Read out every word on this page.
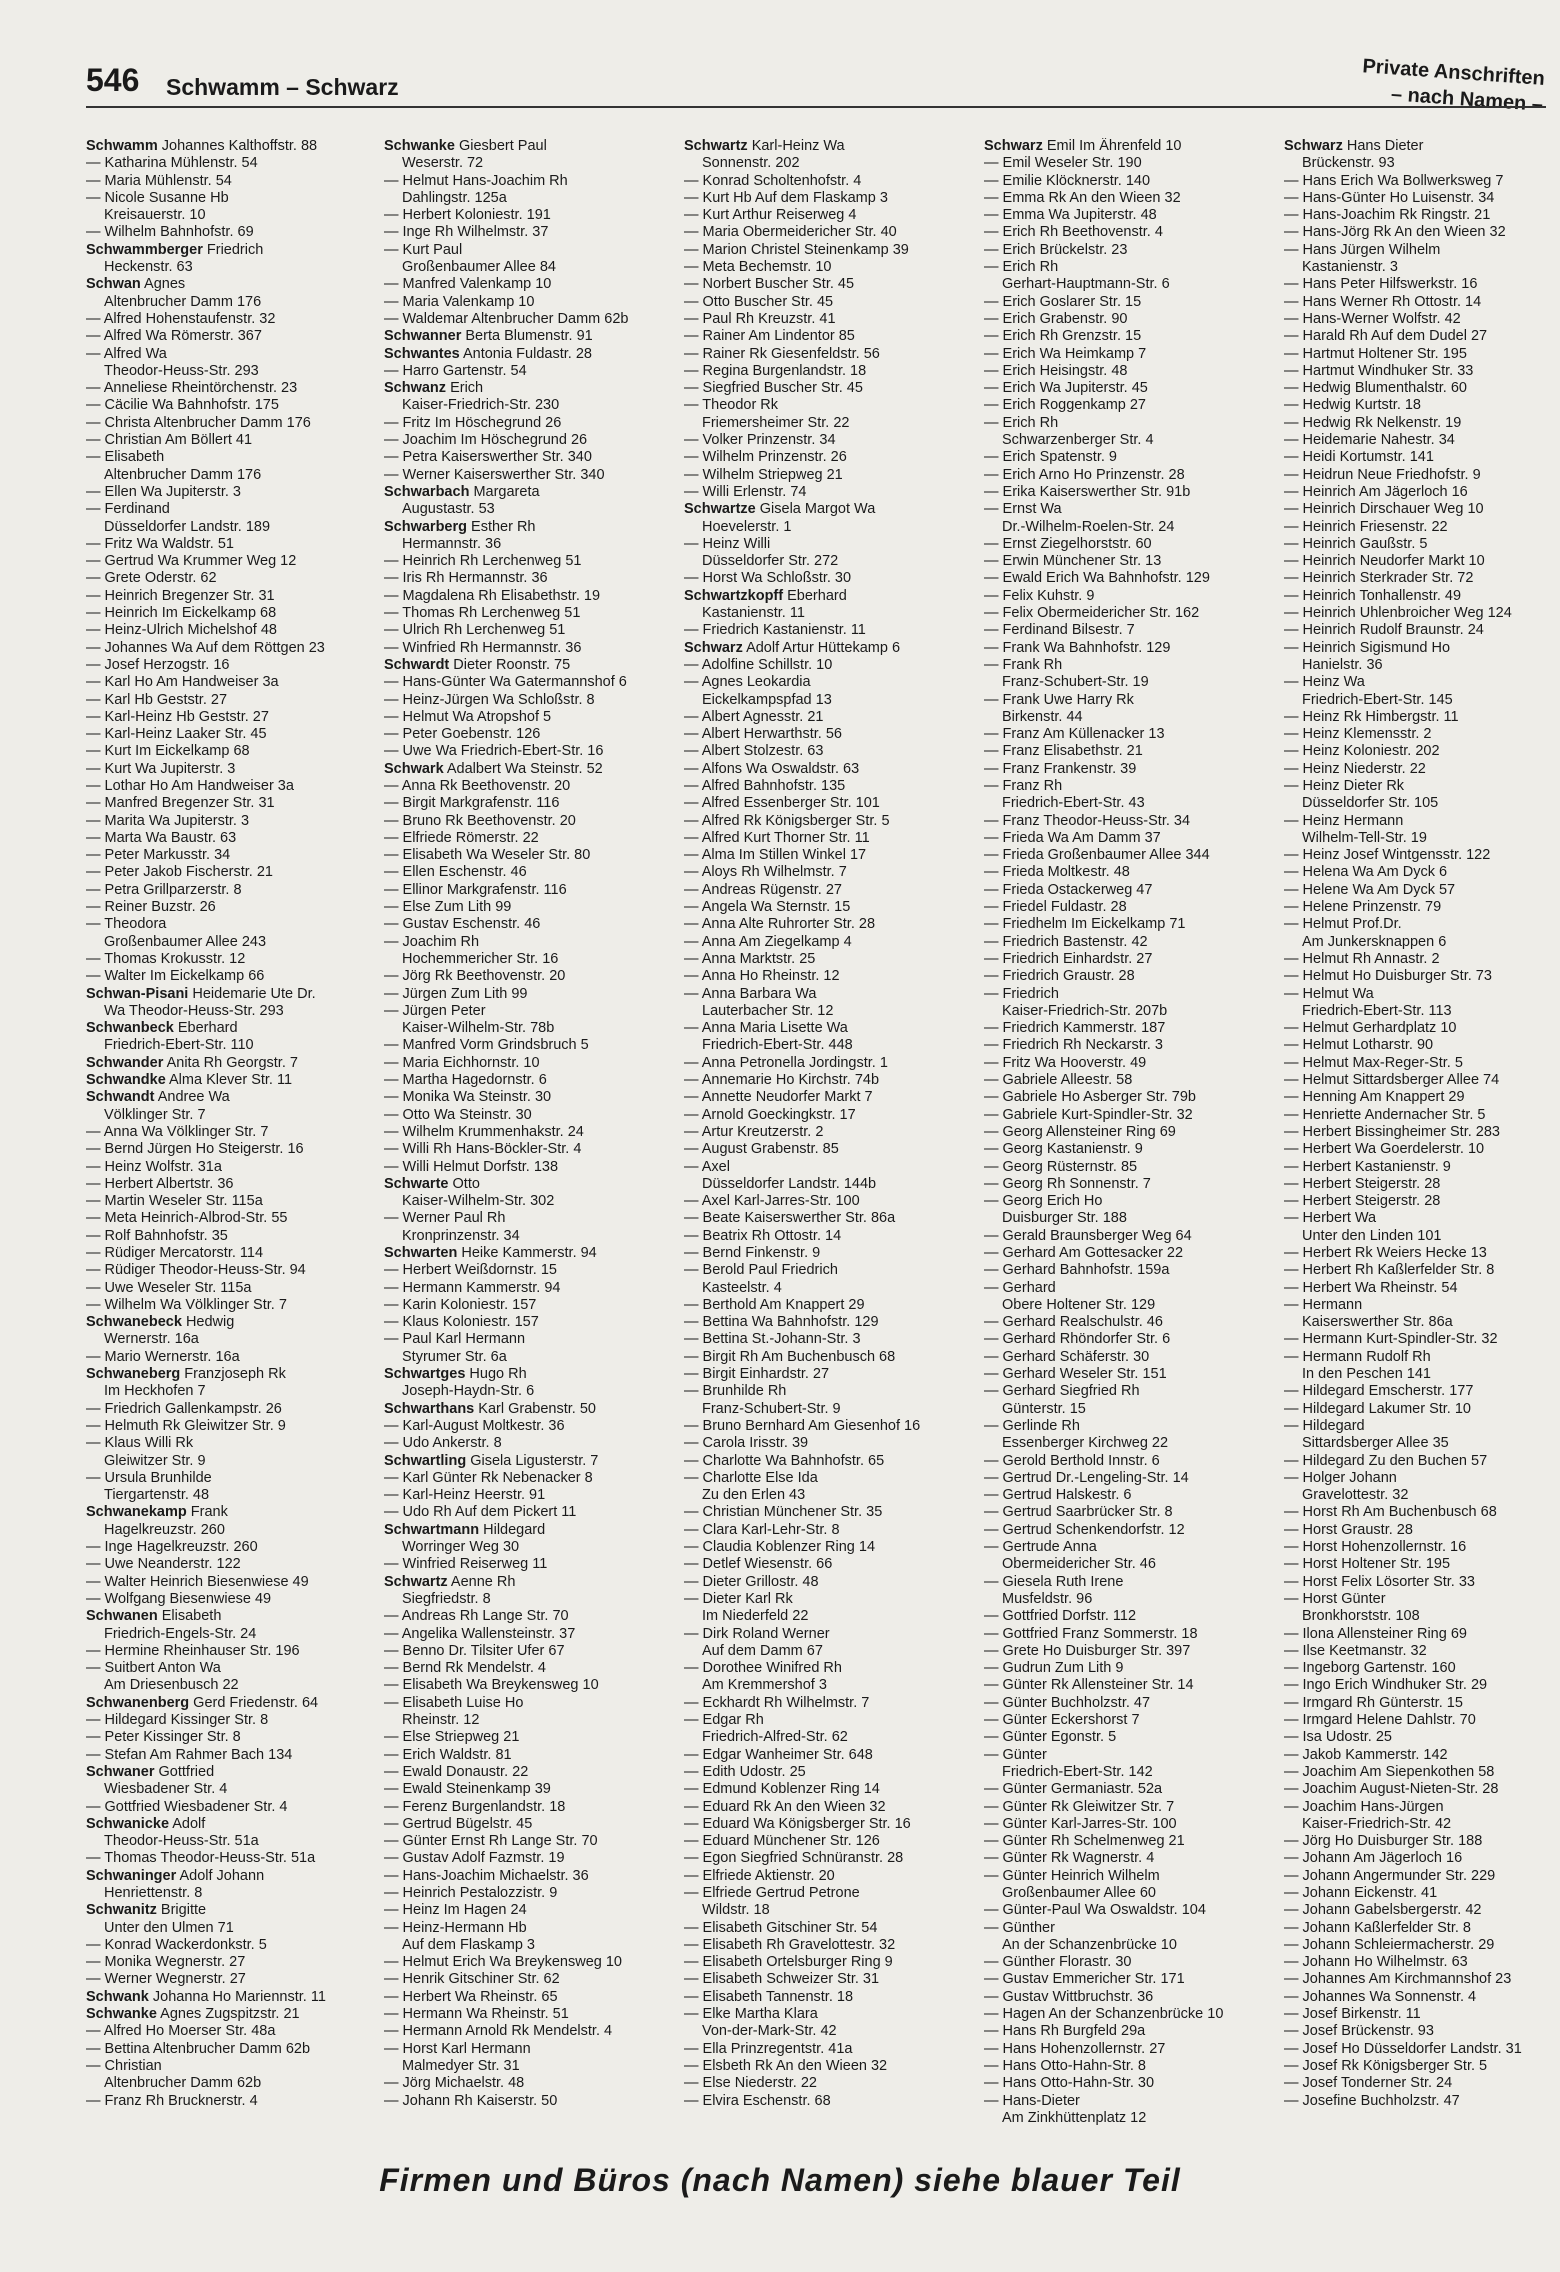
546 Schwamm – Schwarz	Private Anschriften
– nach Namen –
Schwamm Johannes Kalthoffstr. 88
— Katharina Mühlenstr. 54
— Maria Mühlenstr. 54
— Nicole Susanne Hb
Kreisauerstr. 10
— Wilhelm Bahnhofstr. 69
Schwammberger Friedrich
Heckenstr. 63
Schwan Agnes
Altenbrucher Damm 176
— Alfred Hohenstaufenstr. 32
— Alfred Wa Römerstr. 367
— Alfred Wa
Theodor-Heuss-Str. 293
— Anneliese Rheintörchenstr. 23
— Cäcilie Wa Bahnhofstr. 175
— Christa Altenbrucher Damm 176
— Christian Am Böllert 41
— Elisabeth
Altenbrucher Damm 176
— Ellen Wa Jupiterstr. 3
— Ferdinand
Düsseldorfer Landstr. 189
— Fritz Wa Waldstr. 51
— Gertrud Wa Krummer Weg 12
— Grete Oderstr. 62
— Heinrich Bregenzer Str. 31
— Heinrich Im Eickelkamp 68
— Heinz-Ulrich Michelshof 48
— Johannes Wa Auf dem Röttgen 23
— Josef Herzogstr. 16
— Karl Ho Am Handweiser 3a
— Karl Hb Geststr. 27
— Karl-Heinz Hb Geststr. 27
— Karl-Heinz Laaker Str. 45
— Kurt Im Eickelkamp 68
— Kurt Wa Jupiterstr. 3
— Lothar Ho Am Handweiser 3a
— Manfred Bregenzer Str. 31
— Marita Wa Jupiterstr. 3
— Marta Wa Baustr. 63
— Peter Markusstr. 34
— Peter Jakob Fischerstr. 21
— Petra Grillparzerstr. 8
— Reiner Buzstr. 26
— Theodora
Großenbaumer Allee 243
— Thomas Krokusstr. 12
— Walter Im Eickelkamp 66
Schwan-Pisani Heidemarie Ute Dr.
Wa Theodor-Heuss-Str. 293
Schwanbeck Eberhard
Friedrich-Ebert-Str. 110
Schwander Anita Rh Georgstr. 7
Schwandke Alma Klever Str. 11
Schwandt Andree Wa
Völklinger Str. 7
— Anna Wa Völklinger Str. 7
— Bernd Jürgen Ho Steigerstr. 16
— Heinz Wolfstr. 31a
— Herbert Albertstr. 36
— Martin Weseler Str. 115a
— Meta Heinrich-Albrod-Str. 55
— Rolf Bahnhofstr. 35
— Rüdiger Mercatorstr. 114
— Rüdiger Theodor-Heuss-Str. 94
— Uwe Weseler Str. 115a
— Wilhelm Wa Völklinger Str. 7
Schwanebeck Hedwig
Wernerstr. 16a
— Mario Wernerstr. 16a
Schwaneberg Franzjoseph Rk
Im Heckhofen 7
— Friedrich Gallenkampstr. 26
— Helmuth Rk Gleiwitzer Str. 9
— Klaus Willi Rk
Gleiwitzer Str. 9
— Ursula Brunhilde
Tiergartenstr. 48
Schwanekamp Frank
Hagelkreuzstr. 260
— Inge Hagelkreuzstr. 260
— Uwe Neanderstr. 122
— Walter Heinrich Biesenwiese 49
— Wolfgang Biesenwiese 49
Schwanen Elisabeth
Friedrich-Engels-Str. 24
— Hermine Rheinhauser Str. 196
— Suitbert Anton Wa
Am Driesenbusch 22
Schwanenberg Gerd Friedenstr. 64
— Hildegard Kissinger Str. 8
— Peter Kissinger Str. 8
— Stefan Am Rahmer Bach 134
Schwaner Gottfried
Wiesbadener Str. 4
— Gottfried Wiesbadener Str. 4
Schwanicke Adolf
Theodor-Heuss-Str. 51a
— Thomas Theodor-Heuss-Str. 51a
Schwaninger Adolf Johann
Henriettenstr. 8
Schwanitz Brigitte
Unter den Ulmen 71
— Konrad Wackerdonkstr. 5
— Monika Wegnerstr. 27
— Werner Wegnerstr. 27
Schwank Johanna Ho Mariennstr. 11
Schwanke Agnes Zugspitzstr. 21
— Alfred Ho Moerser Str. 48a
— Bettina Altenbrucher Damm 62b
— Christian
Altenbrucher Damm 62b
— Franz Rh Brucknerstr. 4
Schwanke Giesbert Paul
Weserstr. 72
— Helmut Hans-Joachim Rh
Dahlingstr. 125a
— Herbert Koloniestr. 191
— Inge Rh Wilhelmstr. 37
— Kurt Paul
Großenbaumer Allee 84
— Manfred Valenkamp 10
— Maria Valenkamp 10
— Waldemar Altenbrucher Damm 62b
Schwanner Berta Blumenstr. 91
Schwantes Antonia Fuldastr. 28
— Harro Gartenstr. 54
Schwanz Erich
Kaiser-Friedrich-Str. 230
— Fritz Im Höschegrund 26
— Joachim Im Höschegrund 26
— Petra Kaiserswerther Str. 340
— Werner Kaiserswerther Str. 340
Schwarbach Margareta
Augustastr. 53
Schwarberg Esther Rh
Hermannstr. 36
— Heinrich Rh Lerchenweg 51
— Iris Rh Hermannstr. 36
— Magdalena Rh Elisabethstr. 19
— Thomas Rh Lerchenweg 51
— Ulrich Rh Lerchenweg 51
— Winfried Rh Hermannstr. 36
Schwardt Dieter Roonstr. 75
— Hans-Günter Wa Gatermannshof 6
— Heinz-Jürgen Wa Schloßstr. 8
— Helmut Wa Atropshof 5
— Peter Goebenstr. 126
— Uwe Wa Friedrich-Ebert-Str. 16
Schwark Adalbert Wa Steinstr. 52
— Anna Rk Beethovenstr. 20
— Birgit Markgrafenstr. 116
— Bruno Rk Beethovenstr. 20
— Elfriede Römerstr. 22
— Elisabeth Wa Weseler Str. 80
— Ellen Eschenstr. 46
— Ellinor Markgrafenstr. 116
— Else Zum Lith 99
— Gustav Eschenstr. 46
— Joachim Rh
Hochemmericher Str. 16
— Jörg Rk Beethovenstr. 20
— Jürgen Zum Lith 99
— Jürgen Peter
Kaiser-Wilhelm-Str. 78b
— Manfred Vorm Grindsbruch 5
— Maria Eichhornstr. 10
— Martha Hagedornstr. 6
— Monika Wa Steinstr. 30
— Otto Wa Steinstr. 30
— Wilhelm Krummenhakstr. 24
— Willi Rh Hans-Böckler-Str. 4
— Willi Helmut Dorfstr. 138
Schwarte Otto
Kaiser-Wilhelm-Str. 302
— Werner Paul Rh
Kronprinzenstr. 34
Schwarten Heike Kammerstr. 94
— Herbert Weißdornstr. 15
— Hermann Kammerstr. 94
— Karin Koloniestr. 157
— Klaus Koloniestr. 157
— Paul Karl Hermann
Styrumer Str. 6a
Schwartges Hugo Rh
Joseph-Haydn-Str. 6
Schwarthans Karl Grabenstr. 50
— Karl-August Moltkestr. 36
— Udo Ankerstr. 8
Schwartling Gisela Ligusterstr. 7
— Karl Günter Rk Nebenacker 8
— Karl-Heinz Heerstr. 91
— Udo Rh Auf dem Pickert 11
Schwartmann Hildegard
Worringer Weg 30
— Winfried Reiserweg 11
Schwartz Aenne Rh
Siegfriedstr. 8
— Andreas Rh Lange Str. 70
— Angelika Wallensteinstr. 37
— Benno Dr. Tilsiter Ufer 67
— Bernd Rk Mendelstr. 4
— Elisabeth Wa Breykensweg 10
— Elisabeth Luise Ho
Rheinstr. 12
— Else Striepweg 21
— Erich Waldstr. 81
— Ewald Donaustr. 22
— Ewald Steinenkamp 39
— Ferenz Burgenlandstr. 18
— Gertrud Bügelstr. 45
— Günter Ernst Rh Lange Str. 70
— Gustav Adolf Fazmstr. 19
— Hans-Joachim Michaelstr. 36
— Heinrich Pestalozzistr. 9
— Heinz Im Hagen 24
— Heinz-Hermann Hb
Auf dem Flaskamp 3
— Helmut Erich Wa Breykensweg 10
— Henrik Gitschiner Str. 62
— Herbert Wa Rheinstr. 65
— Hermann Wa Rheinstr. 51
— Hermann Arnold Rk Mendelstr. 4
— Horst Karl Hermann
Malmedyer Str. 31
— Jörg Michaelstr. 48
— Johann Rh Kaiserstr. 50
Schwartz Karl-Heinz Wa
Sonnenstr. 202
— Konrad Scholtenhofstr. 4
— Kurt Hb Auf dem Flaskamp 3
— Kurt Arthur Reiserweg 4
— Maria Obermeidericher Str. 40
— Marion Christel Steinenkamp 39
— Meta Bechemstr. 10
— Norbert Buscher Str. 45
— Otto Buscher Str. 45
— Paul Rh Kreuzstr. 41
— Rainer Am Lindentor 85
— Rainer Rk Giesenfeldstr. 56
— Regina Burgenlandstr. 18
— Siegfried Buscher Str. 45
— Theodor Rk
Friemersheimer Str. 22
— Volker Prinzenstr. 34
— Wilhelm Prinzenstr. 26
— Wilhelm Striepweg 21
— Willi Erlenstr. 74
Schwartze Gisela Margot Wa
Hoevelerstr. 1
— Heinz Willi
Düsseldorfer Str. 272
— Horst Wa Schloßstr. 30
Schwartzkopff Eberhard
Kastanienstr. 11
— Friedrich Kastanienstr. 11
Schwarz Adolf Artur Hüttekamp 6
— Adolfine Schillstr. 10
— Agnes Leokardia
Eickelkampspfad 13
— Albert Agnesstr. 21
— Albert Herwarthstr. 56
— Albert Stolzestr. 63
— Alfons Wa Oswaldstr. 63
— Alfred Bahnhofstr. 135
— Alfred Essenberger Str. 101
— Alfred Rk Königsberger Str. 5
— Alfred Kurt Thorner Str. 11
— Alma Im Stillen Winkel 17
— Aloys Rh Wilhelmstr. 7
— Andreas Rügenstr. 27
— Angela Wa Sternstr. 15
— Anna Alte Ruhrorter Str. 28
— Anna Am Ziegelkamp 4
— Anna Marktstr. 25
— Anna Ho Rheinstr. 12
— Anna Barbara Wa
Lauterbacher Str. 12
— Anna Maria Lisette Wa
Friedrich-Ebert-Str. 448
— Anna Petronella Jordingstr. 1
— Annemarie Ho Kirchstr. 74b
— Annette Neudorfer Markt 7
— Arnold Goeckingkstr. 17
— Artur Kreutzerstr. 2
— August Grabenstr. 85
— Axel
Düsseldorfer Landstr. 144b
— Axel Karl-Jarres-Str. 100
— Beate Kaiserswerther Str. 86a
— Beatrix Rh Ottostr. 14
— Bernd Finkenstr. 9
— Berold Paul Friedrich
Kasteelstr. 4
— Berthold Am Knappert 29
— Bettina Wa Bahnhofstr. 129
— Bettina St.-Johann-Str. 3
— Birgit Rh Am Buchenbusch 68
— Birgit Einhardstr. 27
— Brunhilde Rh
Franz-Schubert-Str. 9
— Bruno Bernhard Am Giesenhof 16
— Carola Irisstr. 39
— Charlotte Wa Bahnhofstr. 65
— Charlotte Else Ida
Zu den Erlen 43
— Christian Münchener Str. 35
— Clara Karl-Lehr-Str. 8
— Claudia Koblenzer Ring 14
— Detlef Wiesenstr. 66
— Dieter Grillostr. 48
— Dieter Karl Rk
Im Niederfeld 22
— Dirk Roland Werner
Auf dem Damm 67
— Dorothee Winifred Rh
Am Kremmershof 3
— Eckhardt Rh Wilhelmstr. 7
— Edgar Rh
Friedrich-Alfred-Str. 62
— Edgar Wanheimer Str. 648
— Edith Udostr. 25
— Edmund Koblenzer Ring 14
— Eduard Rk An den Wieen 32
— Eduard Wa Königsberger Str. 16
— Eduard Münchener Str. 126
— Egon Siegfried Schnüranstr. 28
— Elfriede Aktienstr. 20
— Elfriede Gertrud Petrone
Wildstr. 18
— Elisabeth Gitschiner Str. 54
— Elisabeth Rh Gravelottestr. 32
— Elisabeth Ortelsburger Ring 9
— Elisabeth Schweizer Str. 31
— Elisabeth Tannenstr. 18
— Elke Martha Klara
Von-der-Mark-Str. 42
— Ella Prinzregentstr. 41a
— Elsbeth Rk An den Wieen 32
— Else Niederstr. 22
— Elvira Eschenstr. 68
Schwarz Emil Im Ährenfeld 10
— Emil Weseler Str. 190
— Emilie Klöcknerstr. 140
— Emma Rk An den Wieen 32
— Emma Wa Jupiterstr. 48
— Erich Rh Beethovenstr. 4
— Erich Brückelstr. 23
— Erich Rh
Gerhart-Hauptmann-Str. 6
— Erich Goslarer Str. 15
— Erich Grabenstr. 90
— Erich Rh Grenzstr. 15
— Erich Wa Heimkamp 7
— Erich Heisingstr. 48
— Erich Wa Jupiterstr. 45
— Erich Roggenkamp 27
— Erich Rh
Schwarzenberger Str. 4
— Erich Spatenstr. 9
— Erich Arno Ho Prinzenstr. 28
— Erika Kaiserswerther Str. 91b
— Ernst Wa
Dr.-Wilhelm-Roelen-Str. 24
— Ernst Ziegelhorststr. 60
— Erwin Münchener Str. 13
— Ewald Erich Wa Bahnhofstr. 129
— Felix Kuhstr. 9
— Felix Obermeidericher Str. 162
— Ferdinand Bilsestr. 7
— Frank Wa Bahnhofstr. 129
— Frank Rh
Franz-Schubert-Str. 19
— Frank Uwe Harry Rk
Birkenstr. 44
— Franz Am Küllenacker 13
— Franz Elisabethstr. 21
— Franz Frankenstr. 39
— Franz Rh
Friedrich-Ebert-Str. 43
— Franz Theodor-Heuss-Str. 34
— Frieda Wa Am Damm 37
— Frieda Großenbaumer Allee 344
— Frieda Moltkestr. 48
— Frieda Ostackerweg 47
— Friedel Fuldastr. 28
— Friedhelm Im Eickelkamp 71
— Friedrich Bastenstr. 42
— Friedrich Einhardstr. 27
— Friedrich Graustr. 28
— Friedrich
Kaiser-Friedrich-Str. 207b
— Friedrich Kammerstr. 187
— Friedrich Rh Neckarstr. 3
— Fritz Wa Hooverstr. 49
— Gabriele Alleestr. 58
— Gabriele Ho Asberger Str. 79b
— Gabriele Kurt-Spindler-Str. 32
— Georg Allensteiner Ring 69
— Georg Kastanienstr. 9
— Georg Rüsternstr. 85
— Georg Rh Sonnenstr. 7
— Georg Erich Ho
Duisburger Str. 188
— Gerald Braunsberger Weg 64
— Gerhard Am Gottesacker 22
— Gerhard Bahnhofstr. 159a
— Gerhard
Obere Holtener Str. 129
— Gerhard Realschulstr. 46
— Gerhard Rhöndorfer Str. 6
— Gerhard Schäferstr. 30
— Gerhard Weseler Str. 151
— Gerhard Siegfried Rh
Günterstr. 15
— Gerlinde Rh
Essenberger Kirchweg 22
— Gerold Berthold Innstr. 6
— Gertrud Dr.-Lengeling-Str. 14
— Gertrud Halskestr. 6
— Gertrud Saarbrücker Str. 8
— Gertrud Schenkendorfstr. 12
— Gertrude Anna
Obermeidericher Str. 46
— Giesela Ruth Irene
Musfeldstr. 96
— Gottfried Dorfstr. 112
— Gottfried Franz Sommerstr. 18
— Grete Ho Duisburger Str. 397
— Gudrun Zum Lith 9
— Günter Rk Allensteiner Str. 14
— Günter Buchholzstr. 47
— Günter Eckershorst 7
— Günter Egonstr. 5
— Günter
Friedrich-Ebert-Str. 142
— Günter Germaniastr. 52a
— Günter Rk Gleiwitzer Str. 7
— Günter Karl-Jarres-Str. 100
— Günter Rh Schelmenweg 21
— Günter Rk Wagnerstr. 4
— Günter Heinrich Wilhelm
Großenbaumer Allee 60
— Günter-Paul Wa Oswaldstr. 104
— Günther
An der Schanzenbrücke 10
— Günther Florastr. 30
— Gustav Emmericher Str. 171
— Gustav Wittbruchstr. 36
— Hagen An der Schanzenbrücke 10
— Hans Rh Burgfeld 29a
— Hans Hohenzollernstr. 27
— Hans Otto-Hahn-Str. 8
— Hans Otto-Hahn-Str. 30
— Hans-Dieter
Am Zinkhüttenplatz 12
Schwarz Hans Dieter
Brückenstr. 93
— Hans Erich Wa Bollwerksweg 7
— Hans-Günter Ho Luisenstr. 34
— Hans-Joachim Rk Ringstr. 21
— Hans-Jörg Rk An den Wieen 32
— Hans Jürgen Wilhelm
Kastanienstr. 3
— Hans Peter Hilfswerkstr. 16
— Hans Werner Rh Ottostr. 14
— Hans-Werner Wolfstr. 42
— Harald Rh Auf dem Dudel 27
— Hartmut Holtener Str. 195
— Hartmut Windhuker Str. 33
— Hedwig Blumenthalstr. 60
— Hedwig Kurtstr. 18
— Hedwig Rk Nelkenstr. 19
— Heidemarie Nahestr. 34
— Heidi Kortumstr. 141
— Heidrun Neue Friedhofstr. 9
— Heinrich Am Jägerloch 16
— Heinrich Dirschauer Weg 10
— Heinrich Friesenstr. 22
— Heinrich Gaußstr. 5
— Heinrich Neudorfer Markt 10
— Heinrich Sterkrader Str. 72
— Heinrich Tonhallenstr. 49
— Heinrich Uhlenbroicher Weg 124
— Heinrich Rudolf Braunstr. 24
— Heinrich Sigismund Ho
Hanielstr. 36
— Heinz Wa
Friedrich-Ebert-Str. 145
— Heinz Rk Himbergstr. 11
— Heinz Klemensstr. 2
— Heinz Koloniestr. 202
— Heinz Niederstr. 22
— Heinz Dieter Rk
Düsseldorfer Str. 105
— Heinz Hermann
Wilhelm-Tell-Str. 19
— Heinz Josef Wintgensstr. 122
— Helena Wa Am Dyck 6
— Helene Wa Am Dyck 57
— Helene Prinzenstr. 79
— Helmut Prof.Dr.
Am Junkersknappen 6
— Helmut Rh Annastr. 2
— Helmut Ho Duisburger Str. 73
— Helmut Wa
Friedrich-Ebert-Str. 113
— Helmut Gerhardplatz 10
— Helmut Lotharstr. 90
— Helmut Max-Reger-Str. 5
— Helmut Sittardsberger Allee 74
— Henning Am Knappert 29
— Henriette Andernacher Str. 5
— Herbert Bissingheimer Str. 283
— Herbert Wa Goerdelerstr. 10
— Herbert Kastanienstr. 9
— Herbert Steigerstr. 28
— Herbert Steigerstr. 28
— Herbert Wa
Unter den Linden 101
— Herbert Rk Weiers Hecke 13
— Herbert Rh Kaßlerfelder Str. 8
— Herbert Wa Rheinstr. 54
— Hermann
Kaiserswerther Str. 86a
— Hermann Kurt-Spindler-Str. 32
— Hermann Rudolf Rh
In den Peschen 141
— Hildegard Emscherstr. 177
— Hildegard Lakumer Str. 10
— Hildegard
Sittardsberger Allee 35
— Hildegard Zu den Buchen 57
— Holger Johann
Gravelottestr. 32
— Horst Rh Am Buchenbusch 68
— Horst Graustr. 28
— Horst Hohenzollernstr. 16
— Horst Holtener Str. 195
— Horst Felix Lösorter Str. 33
— Horst Günter
Bronkhorststr. 108
— Ilona Allensteiner Ring 69
— Ilse Keetmanstr. 32
— Ingeborg Gartenstr. 160
— Ingo Erich Windhuker Str. 29
— Irmgard Rh Günterstr. 15
— Irmgard Helene Dahlstr. 70
— Isa Udostr. 25
— Jakob Kammerstr. 142
— Joachim Am Siepenkothen 58
— Joachim August-Nieten-Str. 28
— Joachim Hans-Jürgen
Kaiser-Friedrich-Str. 42
— Jörg Ho Duisburger Str. 188
— Johann Am Jägerloch 16
— Johann Angermunder Str. 229
— Johann Eickenstr. 41
— Johann Gabelsbergerstr. 42
— Johann Kaßlerfelder Str. 8
— Johann Schleiermacherstr. 29
— Johann Ho Wilhelmstr. 63
— Johannes Am Kirchmannshof 23
— Johannes Wa Sonnenstr. 4
— Josef Birkenstr. 11
— Josef Brückenstr. 93
— Josef Ho Düsseldorfer Landstr. 31
— Josef Rk Königsberger Str. 5
— Josef Tonderner Str. 24
— Josefine Buchholzstr. 47
Firmen und Büros (nach Namen) siehe blauer Teil
